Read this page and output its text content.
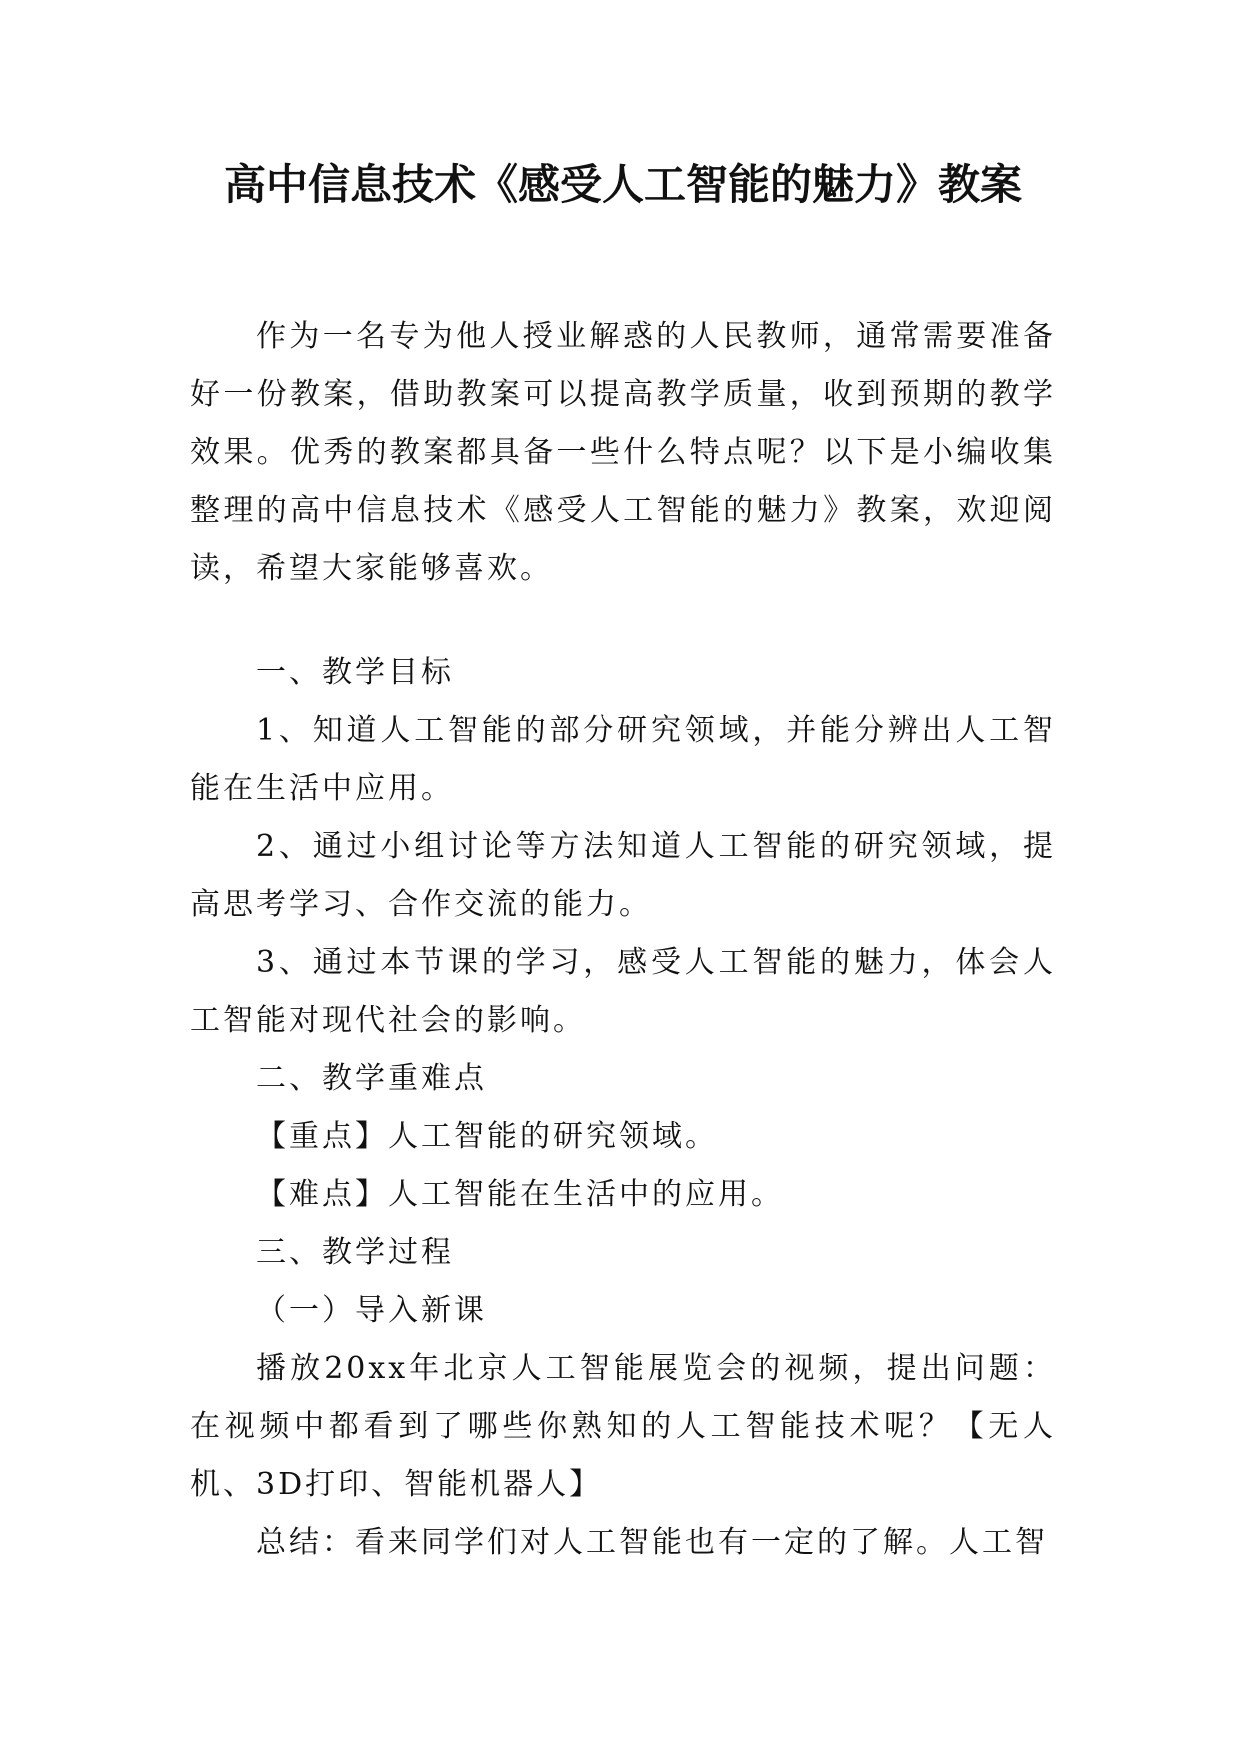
高中信息技术《感受人工智能的魅力》教案

作为一名专为他人授业解惑的人民教师，通常需要准备好一份教案，借助教案可以提高教学质量，收到预期的教学效果。优秀的教案都具备一些什么特点呢？以下是小编收集整理的高中信息技术《感受人工智能的魅力》教案，欢迎阅读，希望大家能够喜欢。

一、教学目标

1、知道人工智能的部分研究领域，并能分辨出人工智能在生活中应用。

2、通过小组讨论等方法知道人工智能的研究领域，提高思考学习、合作交流的能力。

3、通过本节课的学习，感受人工智能的魅力，体会人工智能对现代社会的影响。

二、教学重难点

【重点】人工智能的研究领域。

【难点】人工智能在生活中的应用。

三、教学过程

（一）导入新课

播放20xx年北京人工智能展览会的视频，提出问题：在视频中都看到了哪些你熟知的人工智能技术呢？【无人机、3D打印、智能机器人】

总结：看来同学们对人工智能也有一定的了解。人工智
